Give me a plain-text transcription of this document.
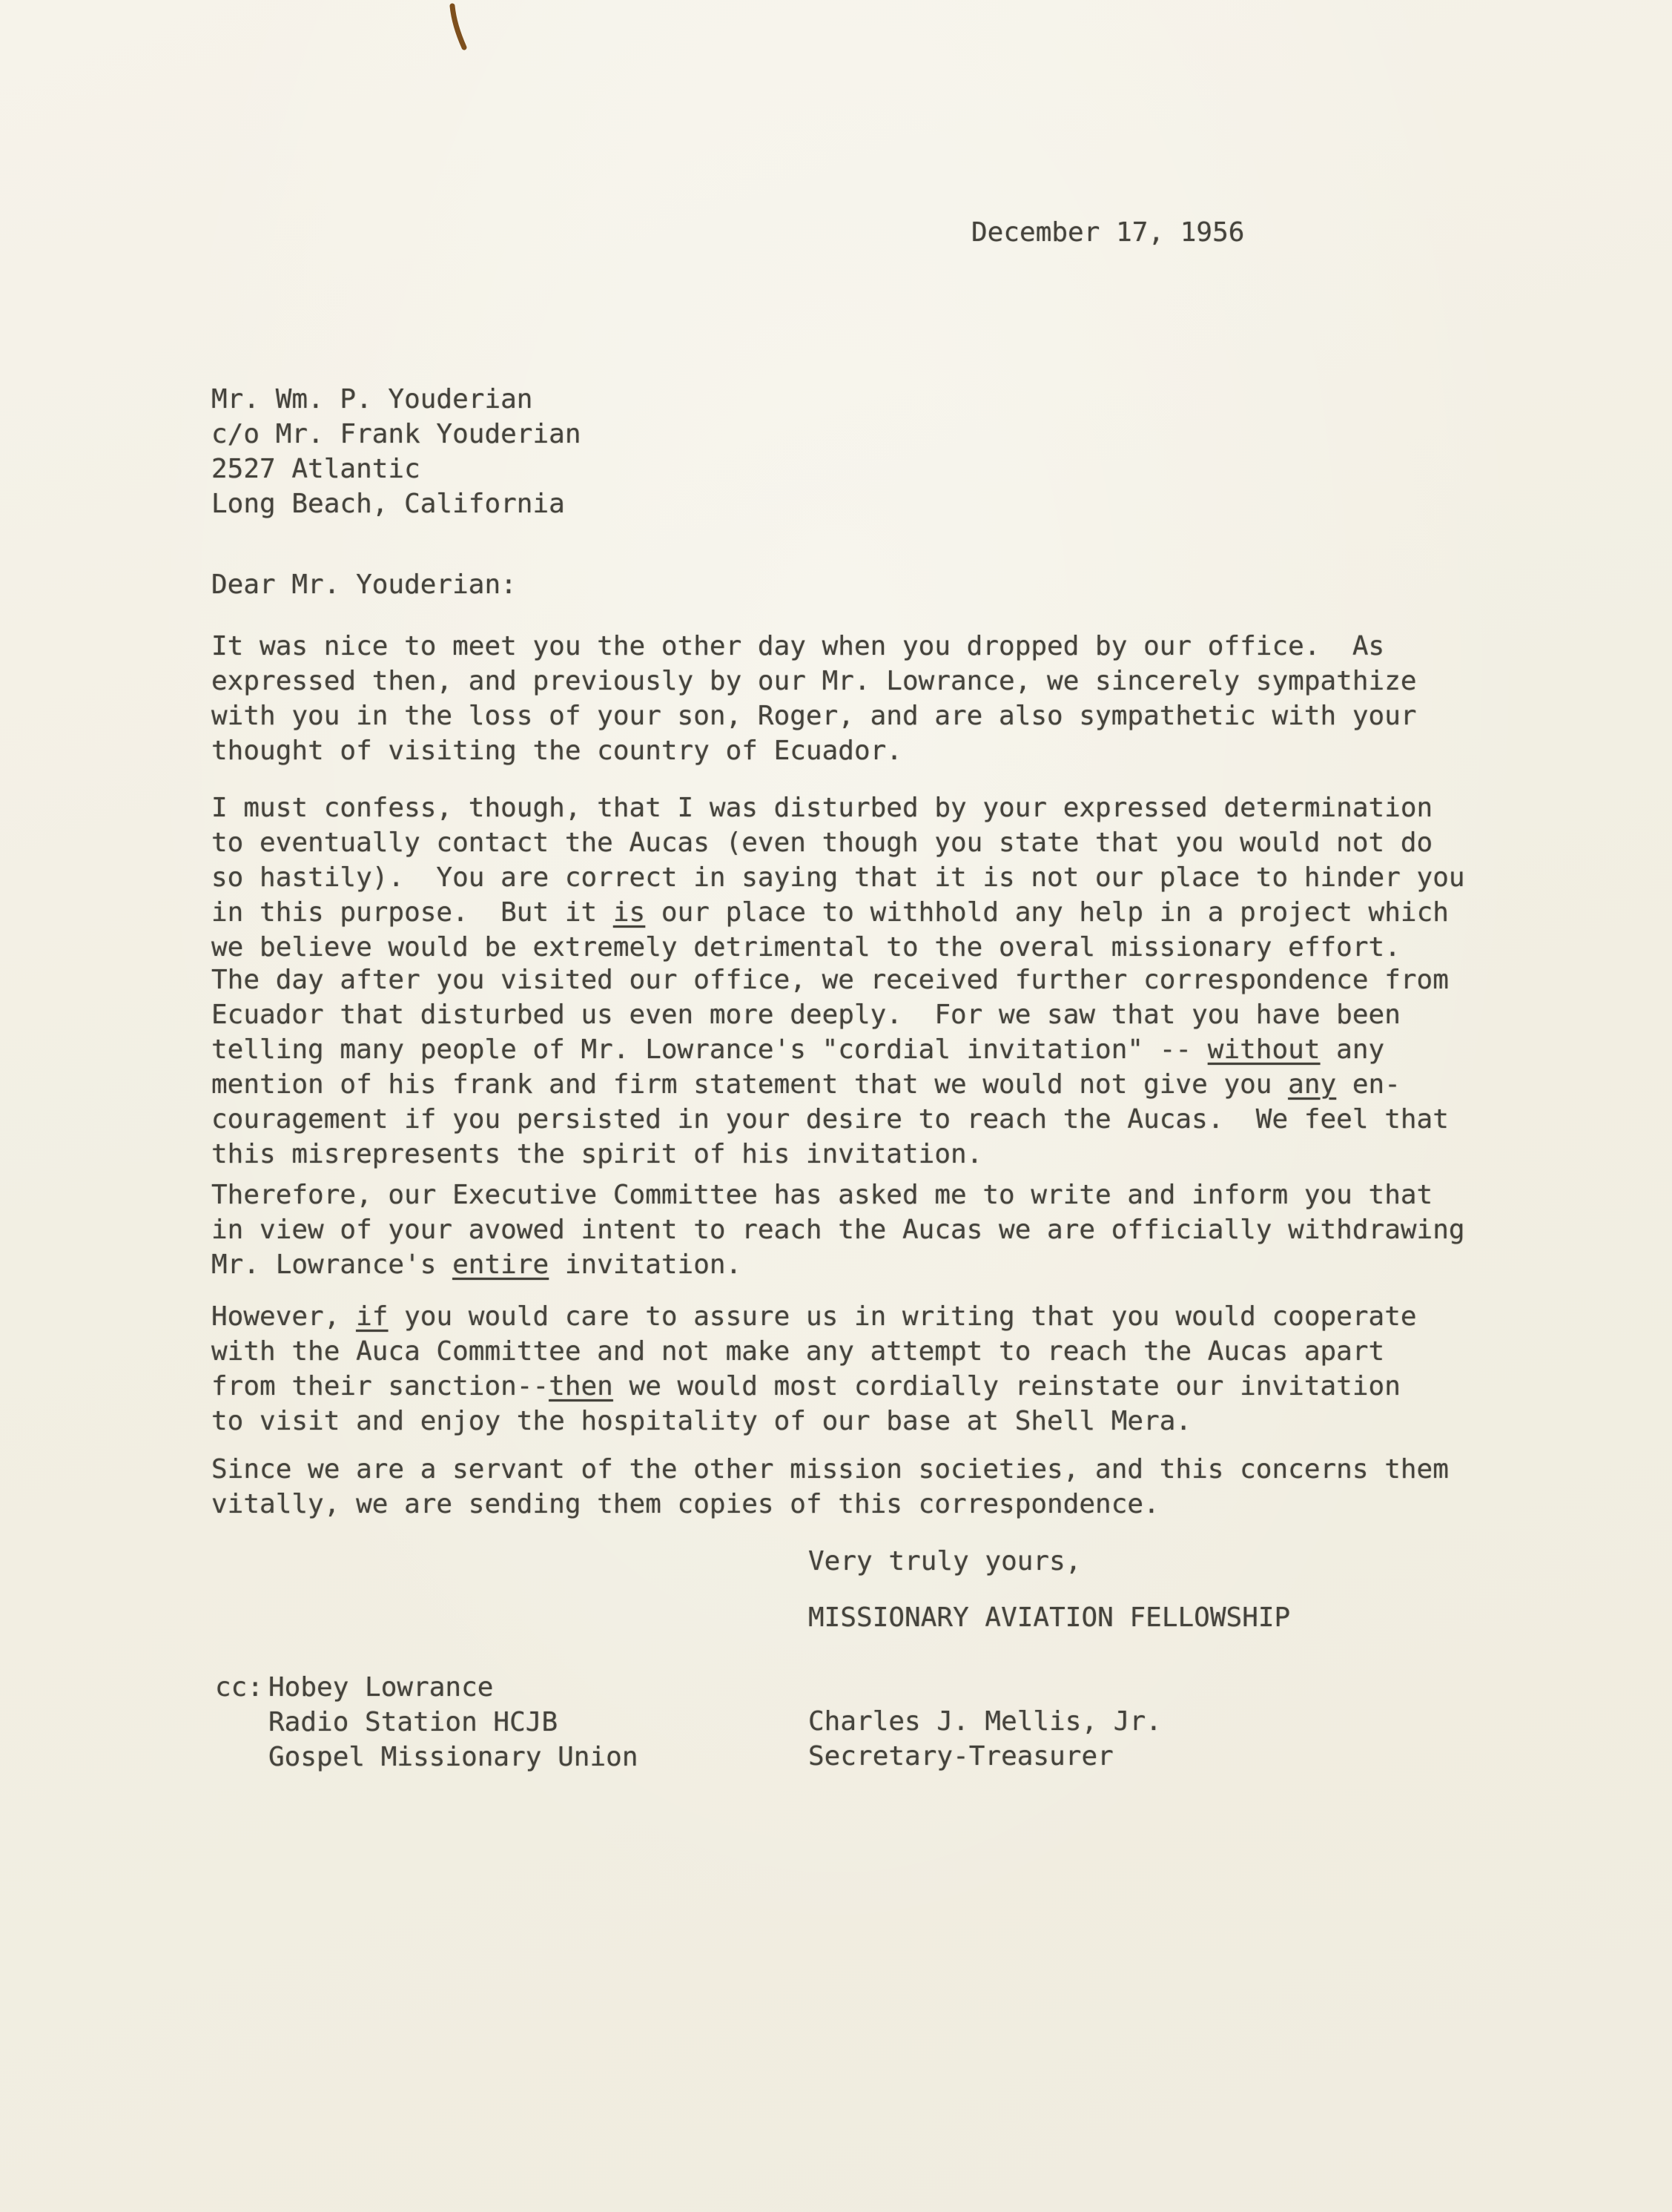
December 17, 1956
Mr. Wm. P. Youderian
c/o Mr. Frank Youderian
2527 Atlantic
Long Beach, California
Dear Mr. Youderian:
It was nice to meet you the other day when you dropped by our office.  As
expressed then, and previously by our Mr. Lowrance, we sincerely sympathize
with you in the loss of your son, Roger, and are also sympathetic with your
thought of visiting the country of Ecuador.
I must confess, though, that I was disturbed by your expressed determination
to eventually contact the Aucas (even though you state that you would not do
so hastily).  You are correct in saying that it is not our place to hinder you
in this purpose.  But it is our place to withhold any help in a project which
we believe would be extremely detrimental to the overal missionary effort.
The day after you visited our office, we received further correspondence from
Ecuador that disturbed us even more deeply.  For we saw that you have been
telling many people of Mr. Lowrance's "cordial invitation" -- without any
mention of his frank and firm statement that we would not give you any en-
couragement if you persisted in your desire to reach the Aucas.  We feel that
this misrepresents the spirit of his invitation.
Therefore, our Executive Committee has asked me to write and inform you that
in view of your avowed intent to reach the Aucas we are officially withdrawing
Mr. Lowrance's entire invitation.
However, if you would care to assure us in writing that you would cooperate
with the Auca Committee and not make any attempt to reach the Aucas apart
from their sanction--then we would most cordially reinstate our invitation
to visit and enjoy the hospitality of our base at Shell Mera.
Since we are a servant of the other mission societies, and this concerns them
vitally, we are sending them copies of this correspondence.
Very truly yours,
MISSIONARY AVIATION FELLOWSHIP
cc: Hobey Lowrance
Radio Station HCJB
Gospel Missionary Union
Charles J. Mellis, Jr.
Secretary-Treasurer
